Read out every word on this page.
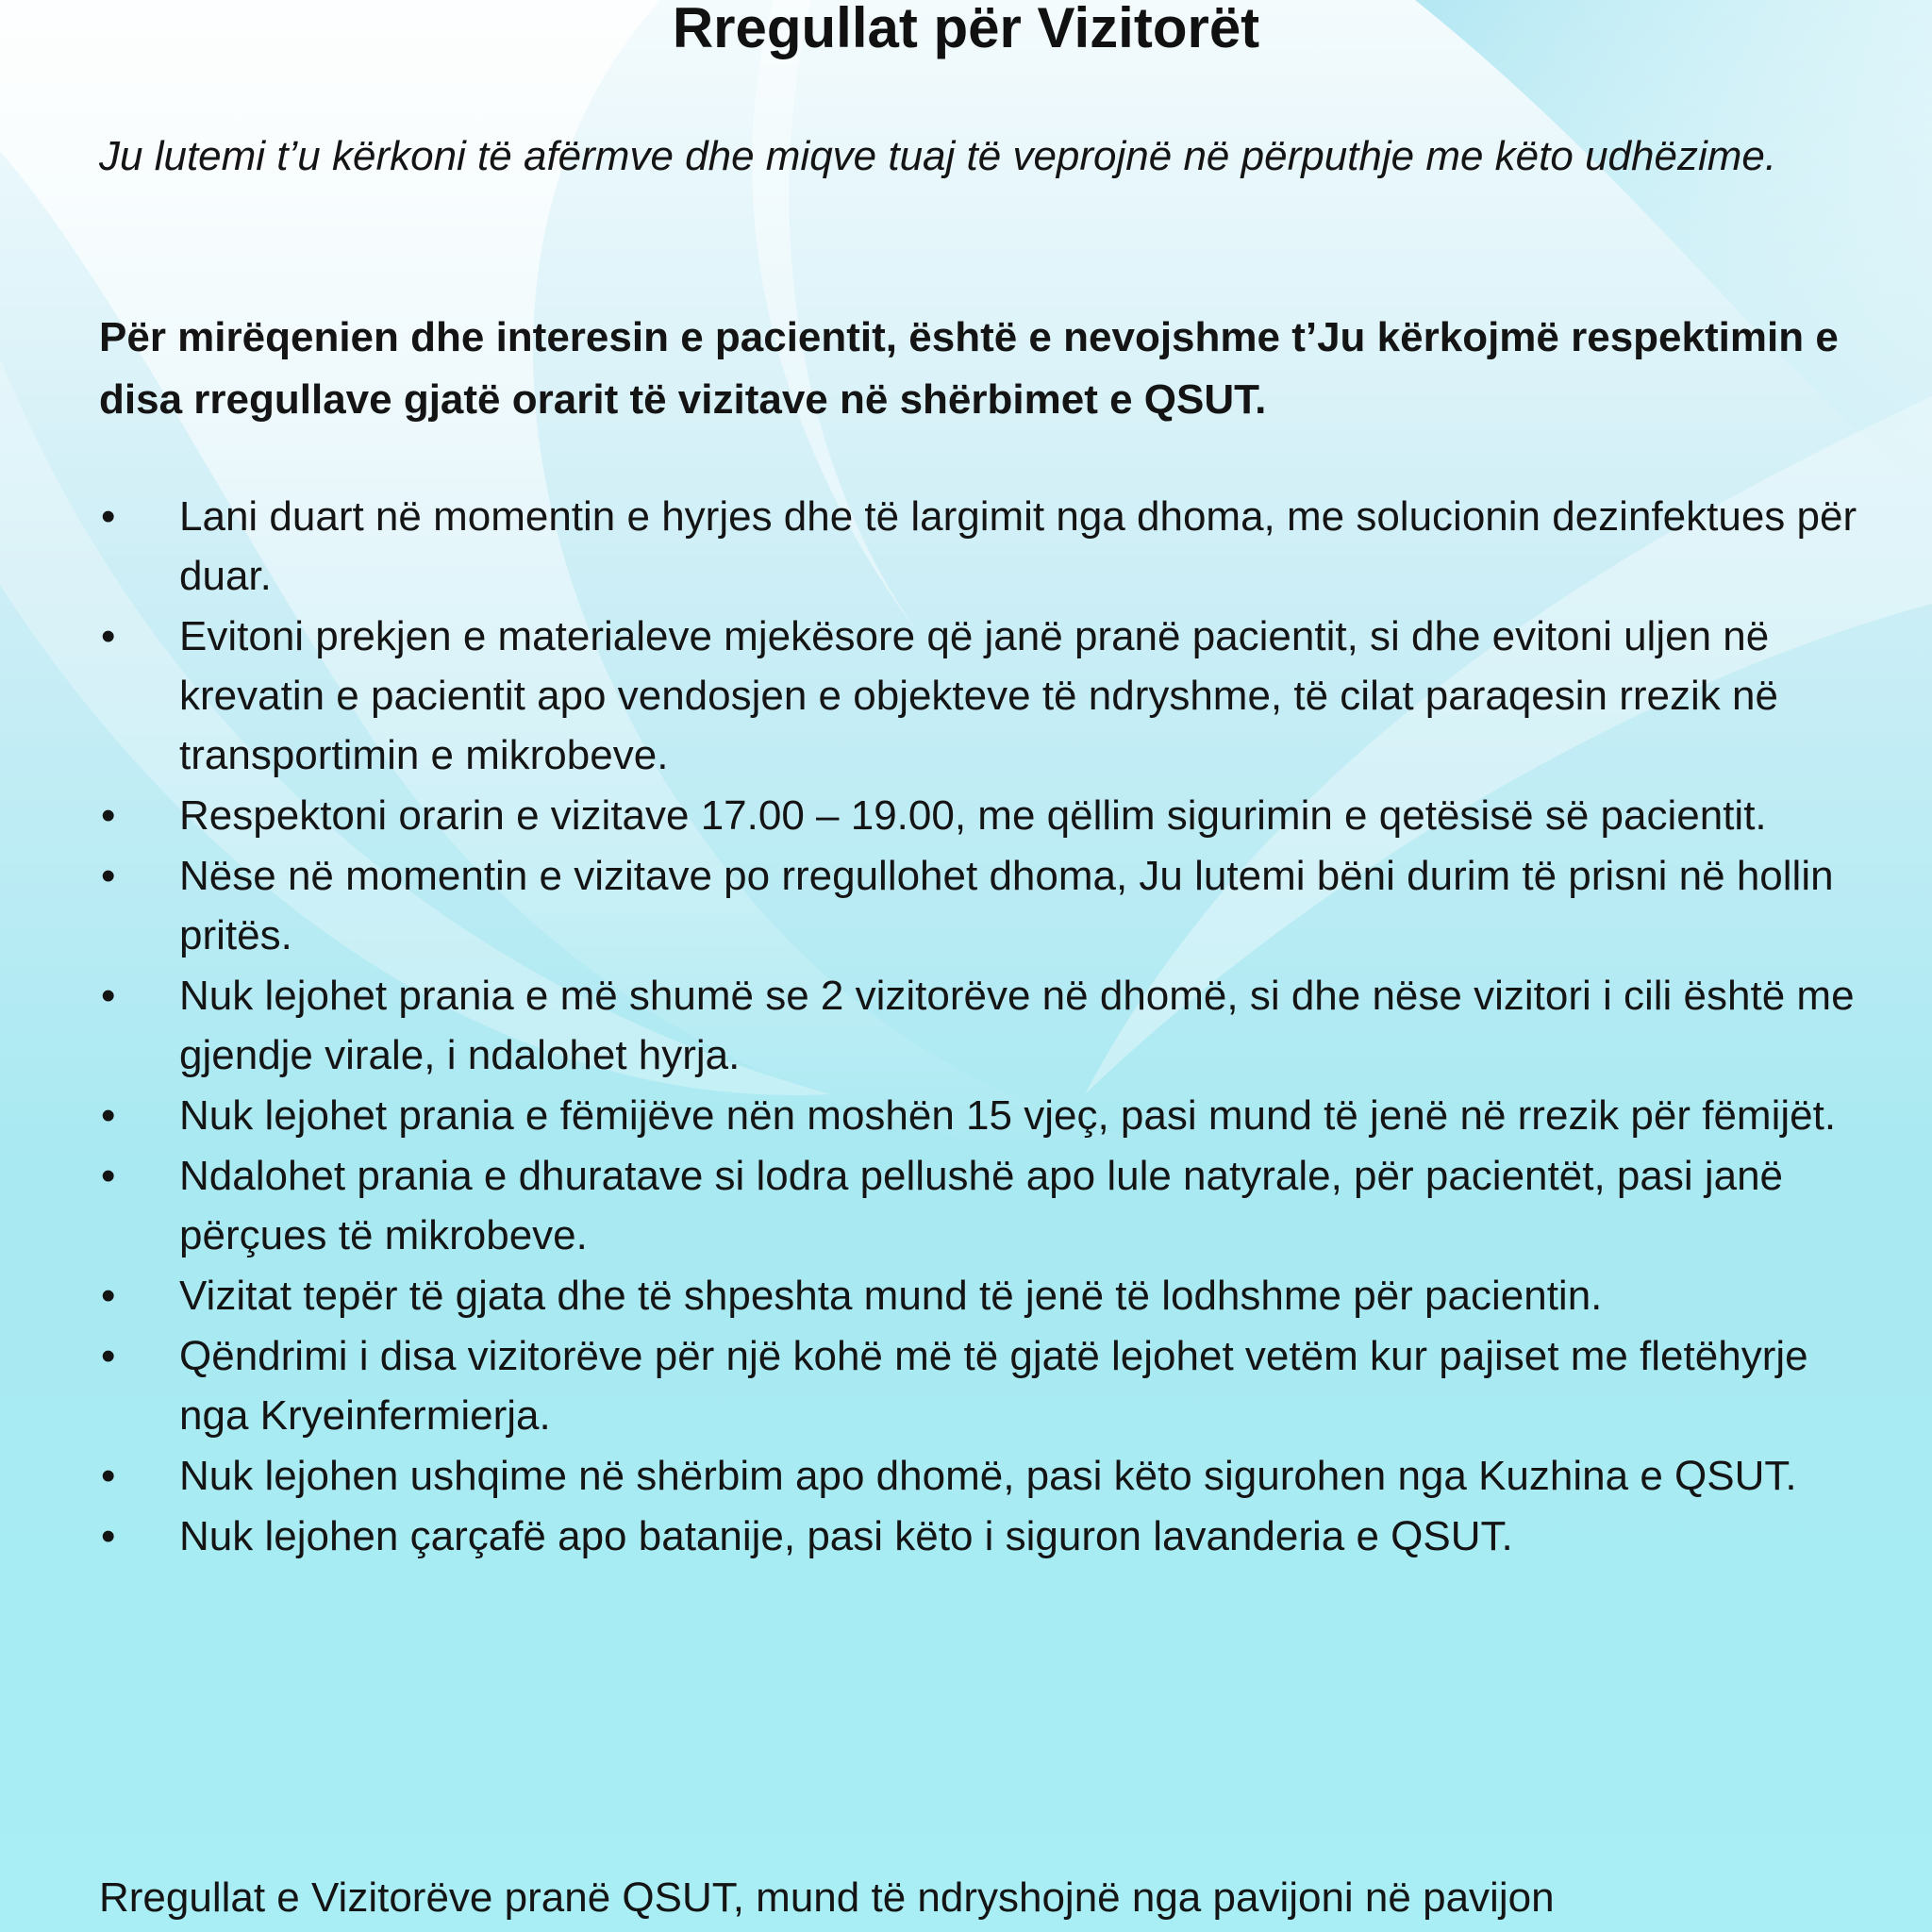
Rregullat për Vizitorët

Ju lutemi t’u kërkoni të afërmve dhe miqve tuaj të veprojnë në përputhje me këto udhëzime.

Për mirëqenien dhe interesin e pacientit, është e nevojshme t’Ju kërkojmë respektimin e disa rregullave gjatë orarit të vizitave në shërbimet e QSUT.

• Lani duart në momentin e hyrjes dhe të largimit nga dhoma, me solucionin dezinfektues për duar.
• Evitoni prekjen e materialeve mjekësore që janë pranë pacientit, si dhe evitoni uljen në krevatin e pacientit apo vendosjen e objekteve të ndryshme, të cilat paraqesin rrezik në transportimin e mikrobeve.
• Respektoni orarin e vizitave 17.00 – 19.00, me qëllim sigurimin e qetësisë së pacientit.
• Nëse në momentin e vizitave po rregullohet dhoma, Ju lutemi bëni durim të prisni në hollin pritës.
• Nuk lejohet prania e më shumë se 2 vizitorëve në dhomë, si dhe nëse vizitori i cili është me gjendje virale, i ndalohet hyrja.
• Nuk lejohet prania e fëmijëve nën moshën 15 vjeç, pasi mund të jenë në rrezik për fëmijët.
• Ndalohet prania e dhuratave si lodra pellushë apo lule natyrale, për pacientët, pasi janë përçues të mikrobeve.
• Vizitat tepër të gjata dhe të shpeshta mund të jenë të lodhshme për pacientin.
• Qëndrimi i disa vizitorëve për një kohë më të gjatë lejohet vetëm kur pajiset me fletëhyrje nga Kryeinfermierja.
• Nuk lejohen ushqime në shërbim apo dhomë, pasi këto sigurohen nga Kuzhina e QSUT.
• Nuk lejohen çarçafë apo batanije, pasi këto i siguron lavanderia e QSUT.

Rregullat e Vizitorëve pranë QSUT, mund të ndryshojnë nga pavijoni në pavijon
